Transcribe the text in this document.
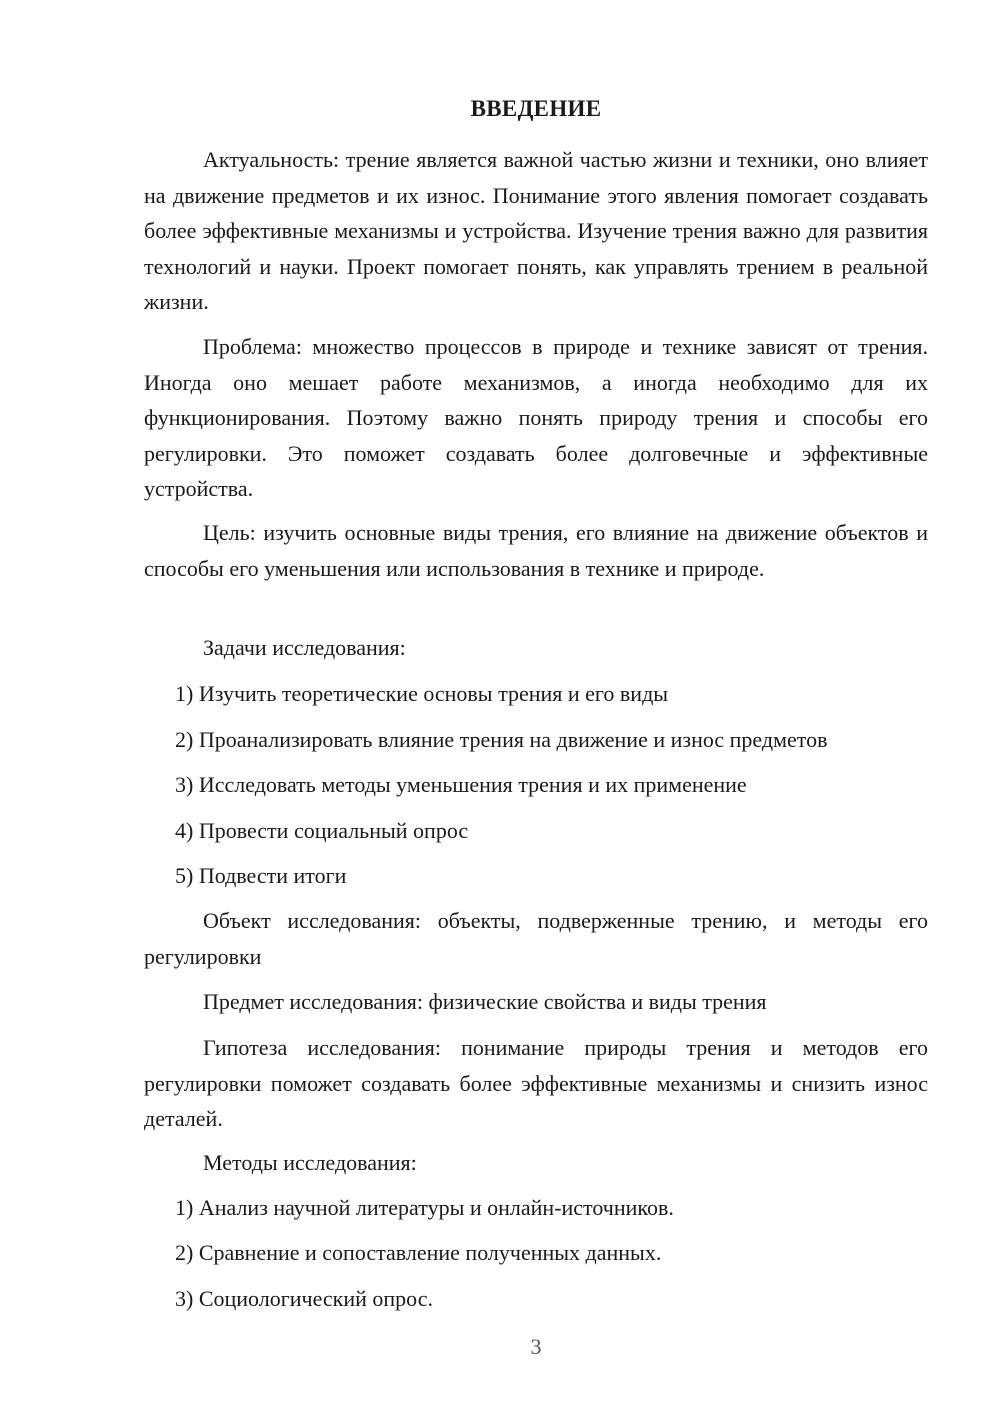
ВВЕДЕНИЕ

Актуальность: трение является важной частью жизни и техники, оно влияет на движение предметов и их износ. Понимание этого явления помогает создавать более эффективные механизмы и устройства. Изучение трения важно для развития технологий и науки. Проект помогает понять, как управлять трением в реальной жизни.

Проблема: множество процессов в природе и технике зависят от трения. Иногда оно мешает работе механизмов, а иногда необходимо для их функционирования. Поэтому важно понять природу трения и способы его регулировки. Это поможет создавать более долговечные и эффективные устройства.

Цель: изучить основные виды трения, его влияние на движение объектов и способы его уменьшения или использования в технике и природе.

Задачи исследования:

1) Изучить теоретические основы трения и его виды

2) Проанализировать влияние трения на движение и износ предметов

3) Исследовать методы уменьшения трения и их применение

4) Провести социальный опрос

5) Подвести итоги

Объект исследования: объекты, подверженные трению, и методы его регулировки

Предмет исследования: физические свойства и виды трения

Гипотеза исследования: понимание природы трения и методов его регулировки поможет создавать более эффективные механизмы и снизить износ деталей.

Методы исследования:

1) Анализ научной литературы и онлайн-источников.

2) Сравнение и сопоставление полученных данных.

3) Социологический опрос.

3
